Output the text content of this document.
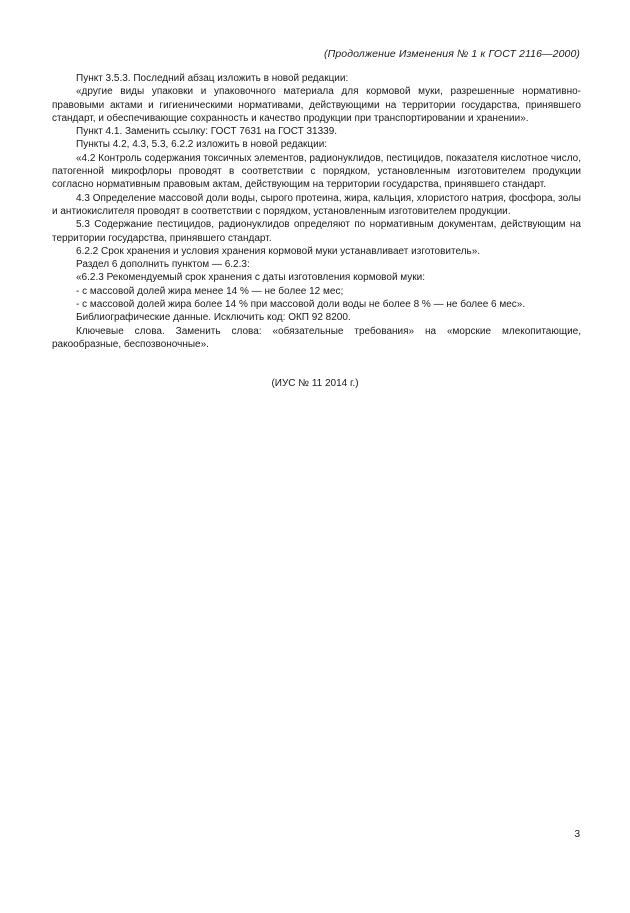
(Продолжение Изменения № 1 к ГОСТ 2116—2000)

Пункт 3.5.3. Последний абзац изложить в новой редакции:

«другие виды упаковки и упаковочного материала для кормовой муки, разрешенные нормативно-правовыми актами и гигиеническими нормативами, действующими на территории государства, принявшего стандарт, и обеспечивающие сохранность и качество продукции при транспортировании и хранении».

Пункт 4.1. Заменить ссылку: ГОСТ 7631 на ГОСТ 31339.

Пункты 4.2, 4.3, 5.3, 6.2.2 изложить в новой редакции:

«4.2 Контроль содержания токсичных элементов, радионуклидов, пестицидов, показателя кислотное число, патогенной микрофлоры проводят в соответствии с порядком, установленным изготовителем продукции согласно нормативным правовым актам, действующим на территории государства, принявшего стандарт.

4.3 Определение массовой доли воды, сырого протеина, жира, кальция, хлористого натрия, фосфора, золы и антиокислителя проводят в соответствии с порядком, установленным изготовителем продукции.

5.3 Содержание пестицидов, радионуклидов определяют по нормативным документам, действующим на территории государства, принявшего стандарт.

6.2.2 Срок хранения и условия хранения кормовой муки устанавливает изготовитель».

Раздел 6 дополнить пунктом — 6.2.3:

«6.2.3 Рекомендуемый срок хранения с даты изготовления кормовой муки:

- с массовой долей жира менее 14 % — не более 12 мес;

- с массовой долей жира более 14 % при массовой доли воды не более 8 % — не более 6 мес».

Библиографические данные. Исключить код: ОКП 92 8200.

Ключевые слова. Заменить слова: «обязательные требования» на «морские млекопитающие, ракообразные, беспозвоночные».

(ИУС № 11 2014 г.)
3
